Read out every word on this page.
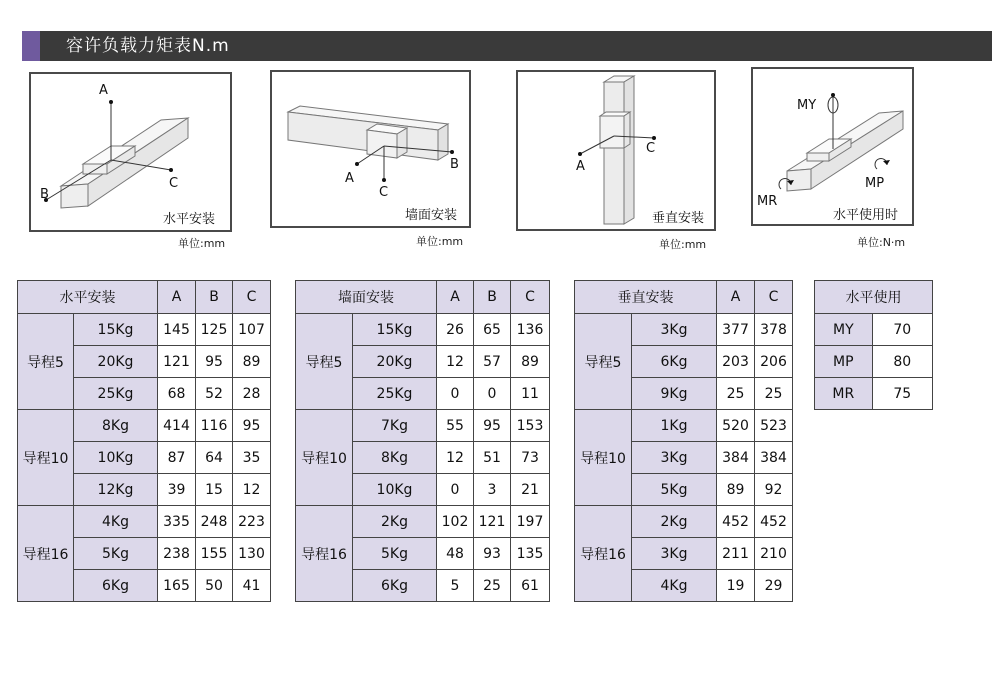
容许负载力矩表N.m
A
B
C
水平安装
单位:mm
A
B
C
墙面安装
单位:mm
A
C
垂直安装
单位:mm
MY
MP
MR
水平使用时
单位:N·m
水平安装		A	B	C
导程5	15Kg	145	125	107
	20Kg	121	95	89
	25Kg	68	52	28
导程10	8Kg	414	116	95
	10Kg	87	64	35
	12Kg	39	15	12
导程16	4Kg	335	248	223
	5Kg	238	155	130
	6Kg	165	50	41
墙面安装		A	B	C
导程5	15Kg	26	65	136
	20Kg	12	57	89
	25Kg	0	0	11
导程10	7Kg	55	95	153
	8Kg	12	51	73
	10Kg	0	3	21
导程16	2Kg	102	121	197
	5Kg	48	93	135
	6Kg	5	25	61
垂直安装		A	C
导程5	3Kg	377	378
	6Kg	203	206
	9Kg	25	25
导程10	1Kg	520	523
	3Kg	384	384
	5Kg	89	92
导程16	2Kg	452	452
	3Kg	211	210
	4Kg	19	29
水平使用	
MY	70
MP	80
MR	75
